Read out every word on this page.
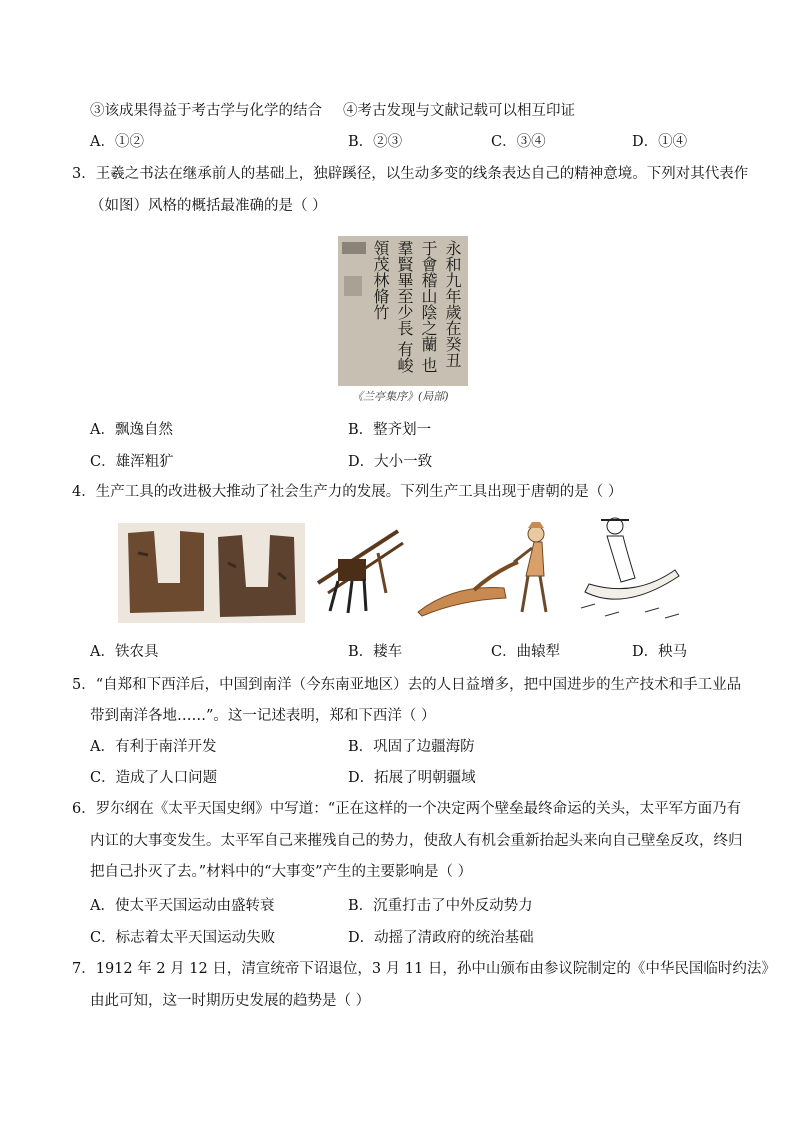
③该成果得益于考古学与化学的结合 ④考古发现与文献记载可以相互印证
A．①②	B．②③	C．③④	D．①④
3．王羲之书法在继承前人的基础上，独辟蹊径，以生动多变的线条表达自己的精神意境。下列对其代表作
（如图）风格的概括最准确的是（ ）
永和九年歲在癸丑 于會稽山陰之蘭 也羣賢畢至少長 有峻領茂林脩竹
《兰亭集序》(局部)
A．飘逸自然	B．整齐划一
C．雄浑粗犷	D．大小一致
4．生产工具的改进极大推动了社会生产力的发展。下列生产工具出现于唐朝的是（ ）
A．铁农具	B．耧车	C．曲辕犁	D．秧马
5．“自郑和下西洋后，中国到南洋（今东南亚地区）去的人日益增多，把中国进步的生产技术和手工业品
带到南洋各地……”。这一记述表明，郑和下西洋（ ）
A．有利于南洋开发	B．巩固了边疆海防
C．造成了人口问题	D．拓展了明朝疆域
6．罗尔纲在《太平天国史纲》中写道：“正在这样的一个决定两个壁垒最终命运的关头，太平军方面乃有
内讧的大事变发生。太平军自己来摧残自己的势力，使敌人有机会重新抬起头来向自己壁垒反攻，终归
把自己扑灭了去。”材料中的“大事变”产生的主要影响是（ ）
A．使太平天国运动由盛转衰	B．沉重打击了中外反动势力
C．标志着太平天国运动失败	D．动摇了清政府的统治基础
7．1912 年 2 月 12 日，清宣统帝下诏退位，3 月 11 日，孙中山颁布由参议院制定的《中华民国临时约法》
由此可知，这一时期历史发展的趋势是（ ）
